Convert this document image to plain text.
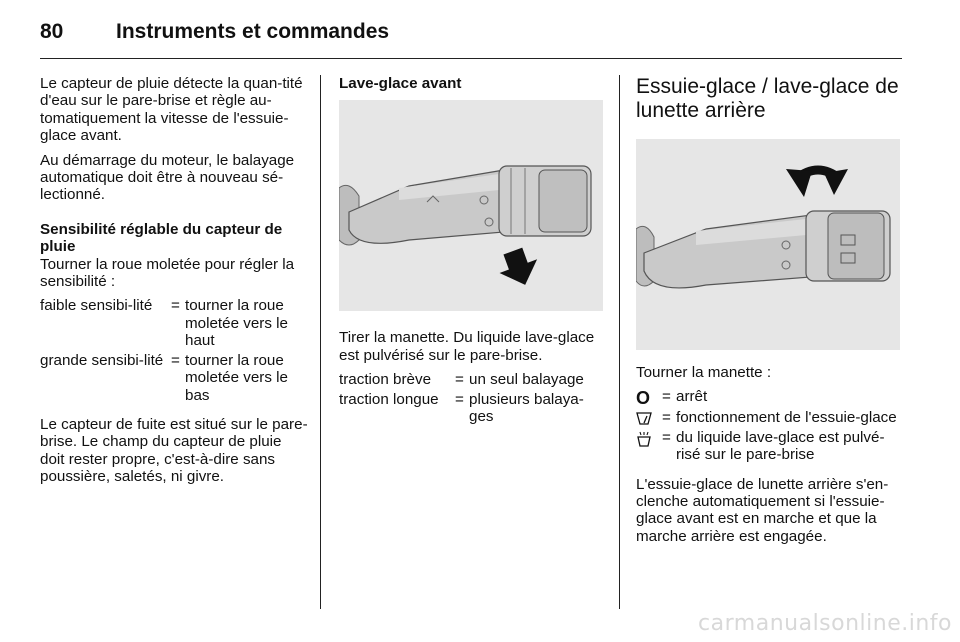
80	Instruments et commandes

Le capteur de pluie détecte la quan-tité d'eau sur le pare-brise et règle au-tomatiquement la vitesse de l'essuie-glace avant.

Au démarrage du moteur, le balayage automatique doit être à nouveau sé-lectionné.

Sensibilité réglable du capteur de pluie

Tourner la roue moletée pour régler la sensibilité :

faible sensibi-lité	= tourner la roue moletée vers le haut
grande sensibi-lité = tourner la roue moletée vers le bas

Le capteur de fuite est situé sur le pare-brise. Le champ du capteur de pluie doit rester propre, c'est-à-dire sans poussière, saletés, ni givre.

Lave-glace avant

Tirer la manette. Du liquide lave-glace est pulvérisé sur le pare-brise.

traction brève	= un seul balayage
traction longue	= plusieurs balaya-ges
Essuie-glace / lave-glace de lunette arrière

Tourner la manette :

O = arrêt
= fonctionnement de l'essuie-glace
= du liquide lave-glace est pulvé-risé sur le pare-brise

L'essuie-glace de lunette arrière s'en-clenche automatiquement si l'essuie-glace avant est en marche et que la marche arrière est engagée.

carmanualsonline.info
